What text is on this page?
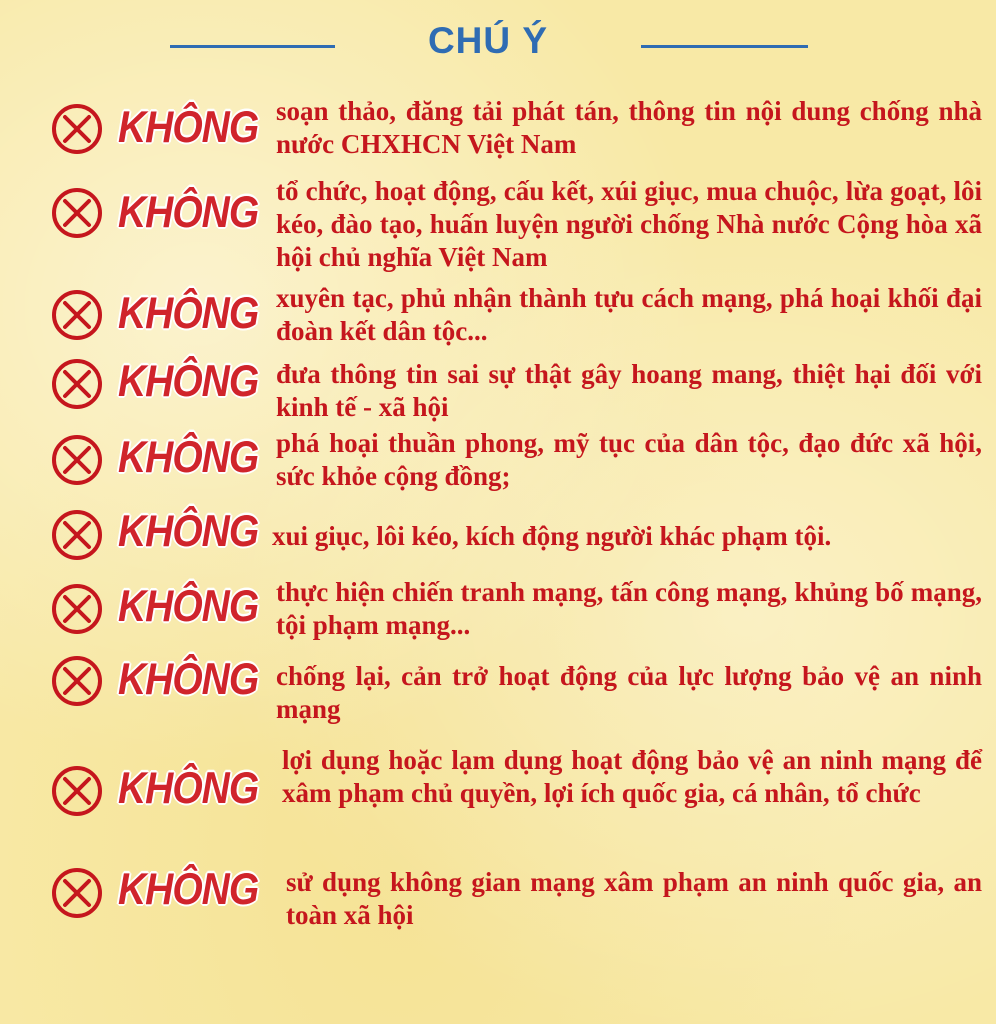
CHÚ Ý
KHÔNG soạn thảo, đăng tải phát tán, thông tin nội dung chống nhà nước CHXHCN Việt Nam
KHÔNG tổ chức, hoạt động, cấu kết, xúi giục, mua chuộc, lừa goạt, lôi kéo, đào tạo, huấn luyện người chống Nhà nước Cộng hòa xã hội chủ nghĩa Việt Nam
KHÔNG xuyên tạc, phủ nhận thành tựu cách mạng, phá hoại khối đại đoàn kết dân tộc...
KHÔNG đưa thông tin sai sự thật gây hoang mang, thiệt hại đối với kinh tế - xã hội
KHÔNG phá hoại thuần phong, mỹ tục của dân tộc, đạo đức xã hội, sức khỏe cộng đồng;
KHÔNG xui giục, lôi kéo, kích động người khác phạm tội.
KHÔNG thực hiện chiến tranh mạng, tấn công mạng, khủng bố mạng, tội phạm mạng...
KHÔNG chống lại, cản trở hoạt động của lực lượng bảo vệ an ninh mạng
KHÔNG
lợi dụng hoặc lạm dụng hoạt động bảo vệ an ninh mạng để xâm phạm chủ quyền, lợi ích quốc gia, cá nhân, tổ chức
KHÔNG sử dụng không gian mạng xâm phạm an ninh quốc gia, an toàn xã hội
